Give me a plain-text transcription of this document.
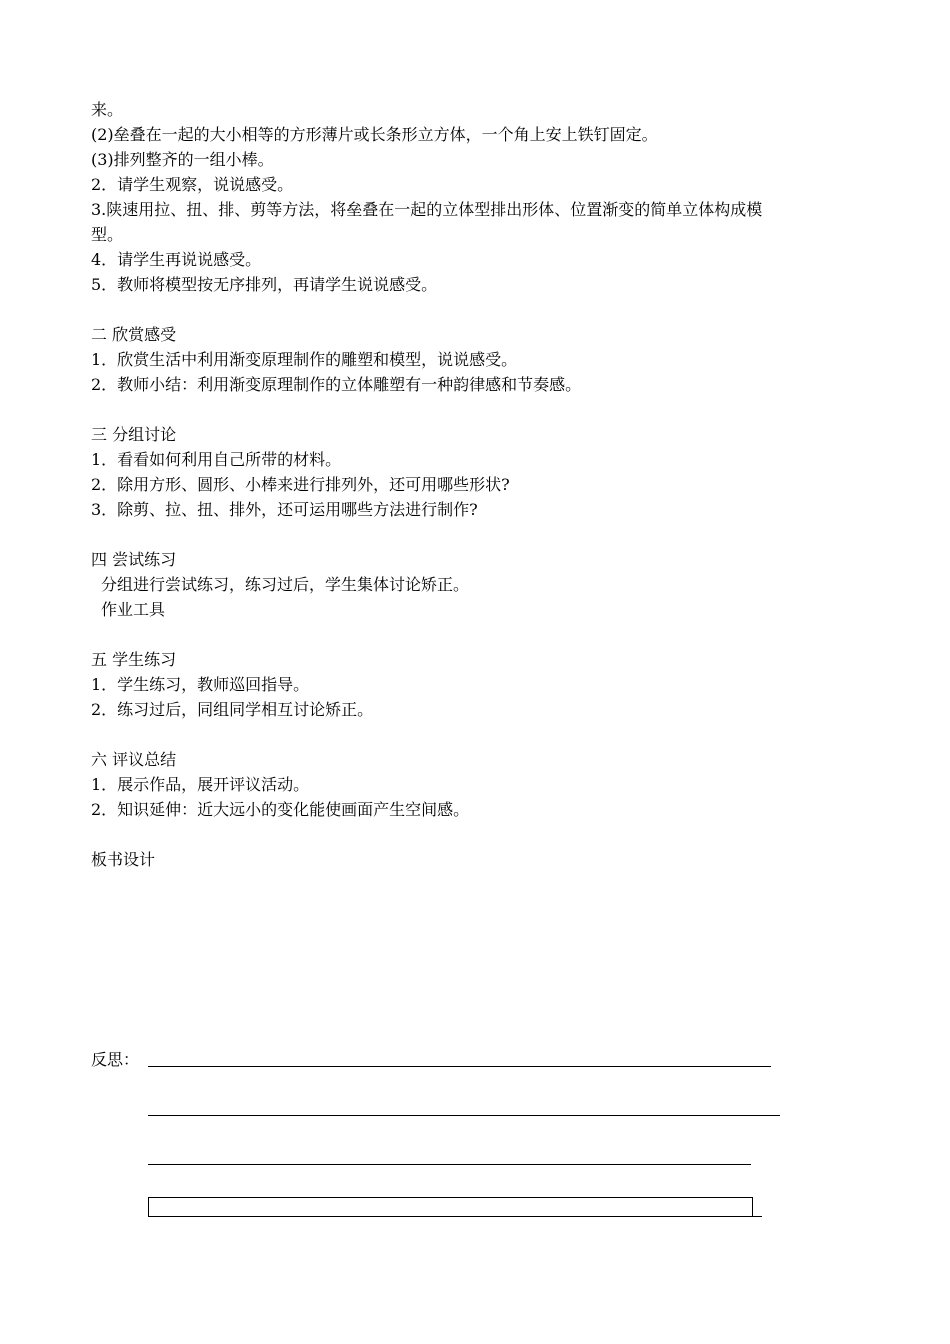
来。
(2)垒叠在一起的大小相等的方形薄片或长条形立方体，一个角上安上铁钉固定。
(3)排列整齐的一组小棒。
2．请学生观察，说说感受。
3.陕速用拉、扭、排、剪等方法，将垒叠在一起的立体型排出形体、位置渐变的简单立体构成模
型。
4．请学生再说说感受。
5．教师将模型按无序排列，再请学生说说感受。
二 欣赏感受
1．欣赏生活中利用渐变原理制作的雕塑和模型，说说感受。
2．教师小结：利用渐变原理制作的立体雕塑有一种韵律感和节奏感。
三 分组讨论
1．看看如何利用自己所带的材料。
2．除用方形、圆形、小棒来进行排列外，还可用哪些形状?
3．除剪、拉、扭、排外，还可运用哪些方法进行制作?
四 尝试练习
分组进行尝试练习，练习过后，学生集体讨论矫正。
作业工具
五 学生练习
1．学生练习，教师巡回指导。
2．练习过后，同组同学相互讨论矫正。
六 评议总结
1．展示作品，展开评议活动。
2．知识延伸：近大远小的变化能使画面产生空间感。
板书设计
反思：
